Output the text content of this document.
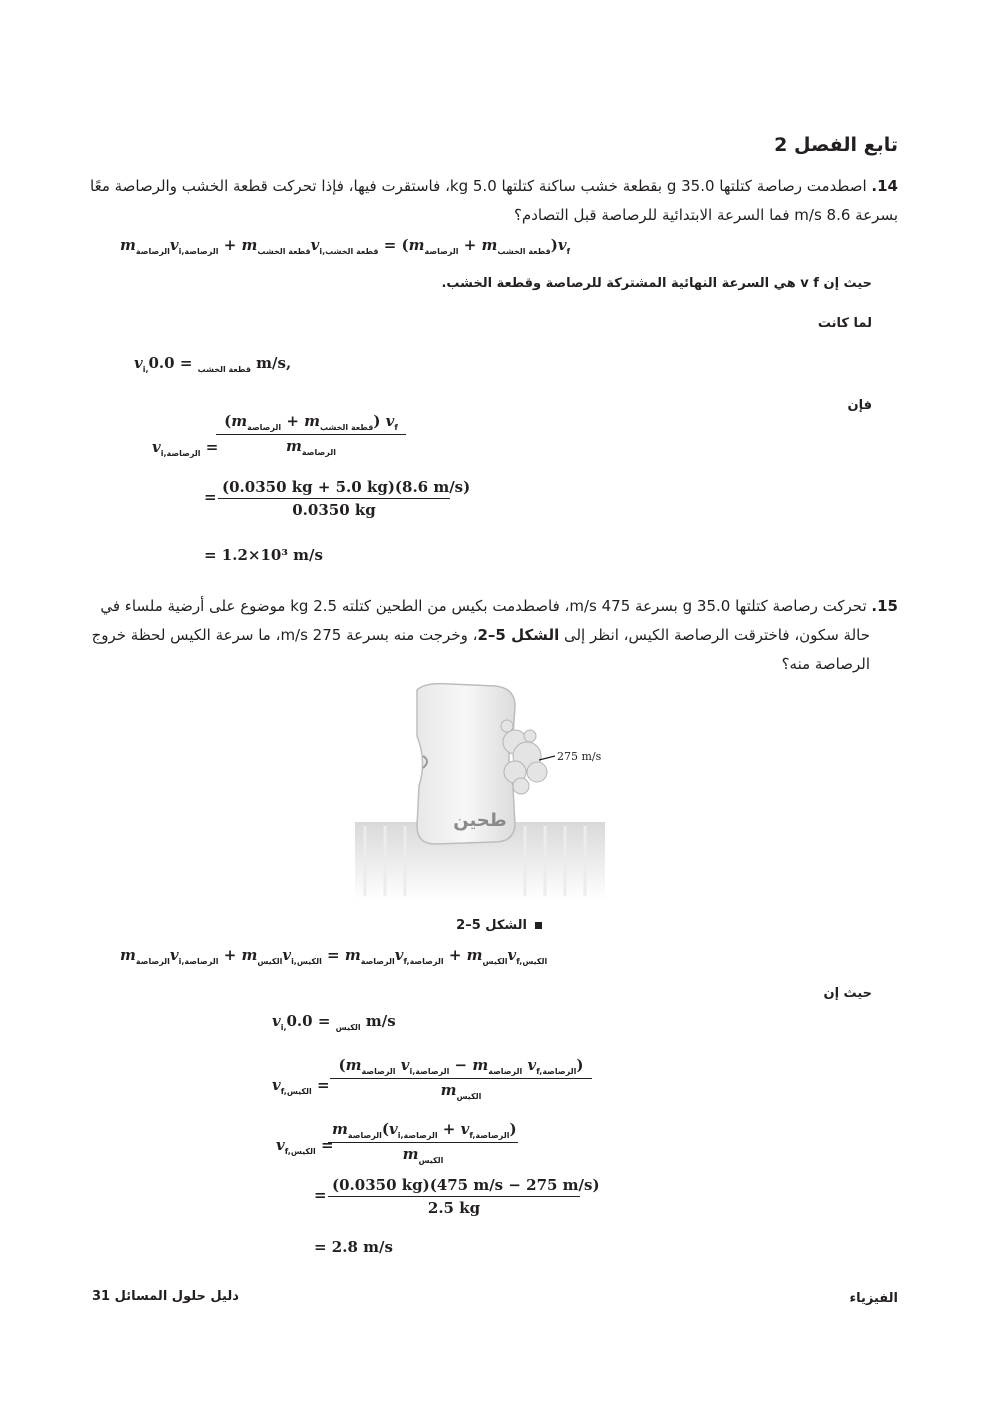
تابع الفصل 2
14. اصطدمت رصاصة كتلتها g 35.0 بقطعة خشب ساكنة كتلتها kg 5.0، فاستقرت فيها، فإذا تحركت قطعة الخشب والرصاصة معًا
بسرعة m/s 8.6 فما السرعة الابتدائية للرصاصة قبل التصادم؟
$m_{الرصاصة}v_{i,الرصاصة} + m_{قطعة الخشب}v_{i,قطعة الخشب} = (m_{الرصاصة} + m_{قطعة الخشب})v_f$
حيث إن v f هي السرعة النهائية المشتركة للرصاصة وقطعة الخشب.
لما كانت
$v_{i, قطعة الخشب} = 0.0$ m/s,
فإن
$v_{i,الرصاصة}$ =
$(m_{الرصاصة} + m_{قطعة الخشب})$ $v_f$
$m_{الرصاصة}$
=
(0.0350 kg + 5.0 kg)(8.6 m/s)
0.0350 kg
= 1.2×10³ m/s
15. تحركت رصاصة كتلتها g 35.0 بسرعة m/s 475، فاصطدمت بكيس من الطحين كتلته kg 2.5 موضوع على أرضية ملساء في
حالة سكون، فاخترقت الرصاصة الكيس، انظر إلى الشكل 5–2، وخرجت منه بسرعة m/s 275، ما سرعة الكيس لحظة خروج
الرصاصة منه؟
طحين
275 m/s
الشكل 5–2
$m_{الرصاصة}v_{i,الرصاصة} + m_{الكيس}v_{i,الكيس} = m_{الرصاصة}v_{f,الرصاصة} + m_{الكيس}v_{f,الكيس}$
حيث إن
$v_{i, الكيس} = 0.0$ m/s
$v_{f,الكيس}$ =
($m_{الرصاصة}$ $v_{i,الرصاصة} - m_{الرصاصة}$ $v_{f,الرصاصة}$)
$m_{الكيس}$
$v_{f,الكيس}$ =
$m_{الرصاصة}(v_{i,الرصاصة} + v_{f,الرصاصة})$
$m_{الكيس}$
=
(0.0350 kg)(475 m/s − 275 m/s)
2.5 kg
= 2.8 m/s
الفيزياء
31 دليل حلول المسائل
